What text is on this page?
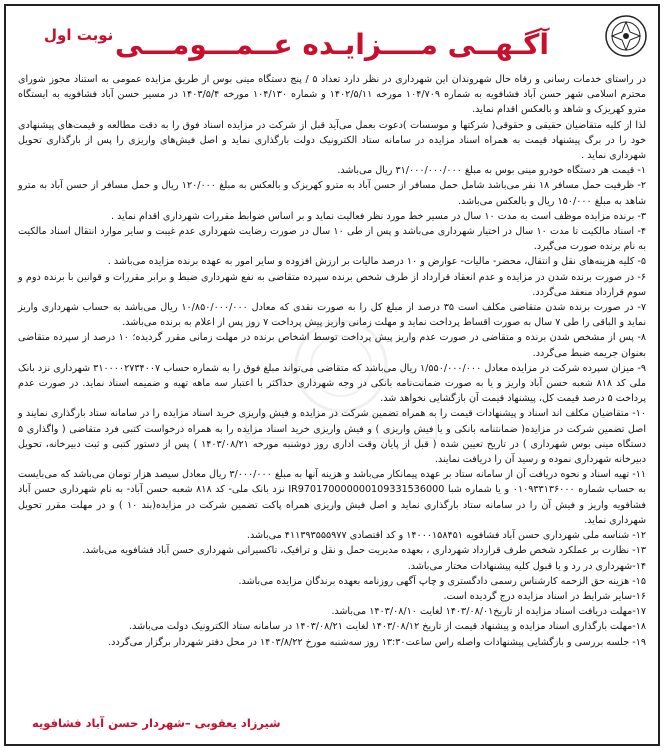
نوبت اول آگـهــی مــــزایـده عــمـــومـــی

در راستای خدمات رسانی و رفاه حال شهروندان این شهرداری در نظر دارد تعداد ۵ / پنج دستگاه مینی بوس از طریق مزایده عمومی به استناد مجوز شورای محترم اسلامی شهر حسن آباد فشافویه به شماره ۱۰۴/۷۰۹ مورخه ۱۴۰۲/۵/۱۱ و شماره ۱۰۴/۱۳۰ مورخه ۱۴۰۳/۵/۴ در مسیر حسن آباد فشافویه به ایستگاه مترو کهریزک و شاهد و بالعکس اقدام نماید.

لذا از کلیه متقاضیان حقیقی و حقوقی( شرکتها و موسسات )دعوت بعمل می‌آید قبل از شرکت در مزایده اسناد فوق را به دقت مطالعه و قیمت‌های پیشنهادی خود را در برگ پیشنهاد قیمت به همراه اسناد مزایده در سامانه ستاد الکترونیک دولت بارگذاری نماید و اصل فیش‌های واریزی را پس از بارگذاری تحویل شهرداری نماید .

۱- قیمت هر دستگاه خودرو مینی بوس به مبلغ ۳۱/۰۰۰/۰۰۰/۰۰۰ ریال می‌باشد.

۲- ظرفیت حمل مسافر ۱۸ نفر می‌باشد شامل حمل مسافر از حسن آباد به مترو کهریزک و بالعکس به مبلغ ۱۲۰/۰۰۰ ریال و حمل مسافر از حسن آباد به مترو شاهد به مبلغ ۱۵۰/۰۰۰ ریال و بالعکس می‌باشد.

۳- برنده مزایده موظف است به مدت ۱۰ سال در مسیر خط مورد نظر فعالیت نماید و بر اساس ضوابط مقررات شهرداری اقدام نماید .

۴- اسناد مالکیت تا مدت ۱۰ سال در اختیار شهرداری می‌باشد و پس از طی ۱۰ سال در صورت رضایت شهرداری عدم غیبت و سایر موارد انتقال اسناد مالکیت به نام برنده صورت می‌گیرد.

۵- کلیه هزینه‌های نقل و انتقال، محضر- مالیات- عوارض و ۱۰ درصد مالیات بر ارزش افزوده و سایر امور به عهده برنده مزایده می‌باشد .

۶- در صورت برنده شدن در مزایده و عدم انعقاد قرارداد از طرف شخص برنده سپرده متقاضی به نفع شهرداری ضبط و برابر مقررات و قوانین با برنده دوم و سوم قرارداد منعقد می‌گردد.

۷- در صورت برنده شدن متقاضی مکلف است ۳۵ درصد از مبلغ کل را به صورت نقدی که معادل ۱۰/۸۵۰/۰۰۰/۰۰۰ ریال می‌باشد به حساب شهرداری واریز نماید و الباقی را طی ۷ سال به صورت اقساط پرداخت نماید و مهلت زمانی واریز پیش پرداخت ۷ روز پس از اعلام به برنده می‌باشد.

۸- پس از مشخص شدن برنده و متقاضی در صورت عدم واریز پیش پرداخت توسط اشخاص برنده در مهلت زمانی مقرر گردیده؛ ۱۰ درصد از سپرده متقاضی بعنوان جریمه ضبط می‌گردد.

۹- میزان سپرده شرکت در مزایده معادل ۱/۵۵۰/۰۰۰/۰۰۰ ریال می‌باشد که متقاضی می‌تواند مبلغ فوق را به شماره حساب ۳۱۰۰۰۰۲۷۳۴۰۰۷ شهرداری نزد بانک ملی کد ۸۱۸ شعبه حسن آباد واریز و یا به صورت ضمانت‌نامه بانکی در وجه شهرداری حداکثر با اعتبار سه ماهه تهیه و ضمیمه اسناد نماید. در صورت عدم پرداخت ۵ درصد قیمت کل، پیشنهاد قیمت آن بازگشایی نخواهد شد.

۱۰- متقاضیان مکلف اند اسناد و پیشنهادات قیمت را به همراه تضمین شرکت در مزایده و فیش واریزی خرید اسناد مزایده را در سامانه ستاد بارگذاری نمایند و اصل تضمین شرکت در مزایده( ضمانتنامه بانکی و یا فیش واریزی ) و فیش واریزی خرید اسناد مزایده را به همراه درخواست کتبی فرد متقاضی ( واگذاری ۵ دستگاه مینی بوس شهرداری ) در تاریخ تعیین شده ( قبل از پایان وقت اداری روز دوشنبه مورخه ۱۴۰۳/۰۸/۲۱ ) پس از دستور کتبی و ثبت دبیرخانه، تحویل دبیرخانه شهرداری نموده و رسید آن را دریافت نمایند.

۱۱- تهیه اسناد و نحوه دریافت آن از سامانه ستاد بر عهده پیمانکار می‌باشد و هزینه آنها به مبلغ ۳/۰۰۰/۰۰۰ ریال معادل سیصد هزار تومان می‌باشد که می‌بایست به حساب شماره ۰۱۰۹۳۳۱۳۶۰۰۰ و یا شماره شبا IR970170000000109331536000 نزد بانک ملی- کد ۸۱۸ شعبه حسن آباد- به نام شهرداری حسن آباد فشافویه واریز و فیش آن را در سامانه ستاد بارگذاری نماید و اصل فیش واریزی همراه پاکت تضمین شرکت در مزایده(بند ۱۰ ) و در مهلت مقرر تحویل شهرداری نماید.

۱۲- شناسه ملی شهرداری حسن آباد فشافویه ۱۴۰۰۰۱۵۸۴۵۱ و کد اقتصادی ۴۱۱۳۹۳۵۵۵۹۷۷ می‌باشد.

۱۳- نظارت بر عملکرد شخص طرف قرارداد شهرداری ، بعهده مدیریت حمل و نقل و ترافیک، تاکسیرانی شهرداری حسن آباد فشافویه می‌باشد.

۱۴-شهرداری در رد و یا قبول کلیه پیشنهادات مختار می‌باشد.

۱۵- هزینه حق الزحمه کارشناس رسمی دادگستری و چاپ آگهی روزنامه بعهده برندگان مزایده می‌باشد.

۱۶-سایر شرایط در اسناد مزایده درج گردیده است.

۱۷-مهلت دریافت اسناد مزایده از تاریخ۱۴۰۳/۰۸/۰۱ لغایت ۱۴۰۳/۰۸/۱۰ می‌باشد.

۱۸-مهلت بارگذاری اسناد مزایده و پیشنهاد قیمت از تاریخ ۱۴۰۳/۰۸/۱۲ لغایت ۱۴۰۳/۰۸/۲۱ در سامانه ستاد الکترونیک دولت می‌باشد.

۱۹- جلسه بررسی و بازگشایی پیشنهادات واصله راس ساعت۱۳:۳۰ روز سه‌شنبه مورخ ۱۴۰۳/۸/۲۲ در محل دفتر شهردار برگزار می‌گردد.

شیرزاد یعقوبی –شهردار حسن آباد فشافویه
